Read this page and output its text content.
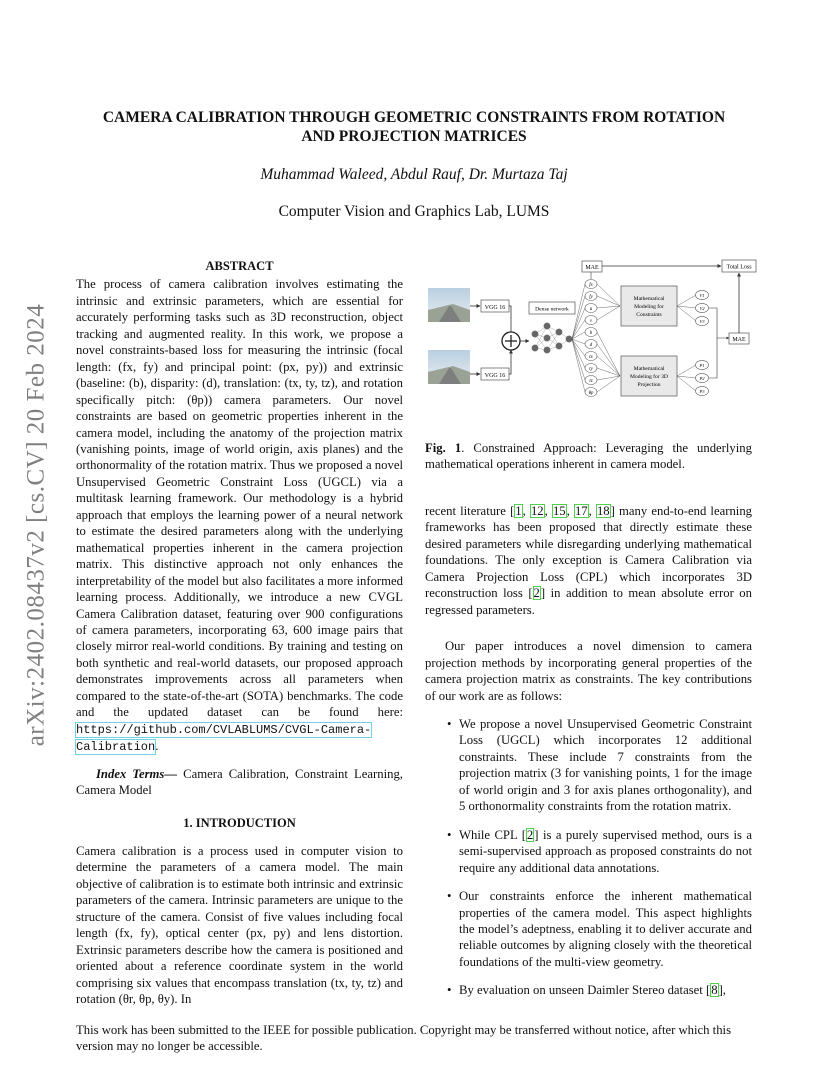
arXiv:2402.08437v2 [cs.CV] 20 Feb 2024
CAMERA CALIBRATION THROUGH GEOMETRIC CONSTRAINTS FROM ROTATION
AND PROJECTION MATRICES
Muhammad Waleed, Abdul Rauf, Dr. Murtaza Taj
Computer Vision and Graphics Lab, LUMS

ABSTRACT

The process of camera calibration involves estimating the intrinsic and extrinsic parameters, which are essential for accurately performing tasks such as 3D reconstruction, object tracking and augmented reality. In this work, we propose a novel constraints-based loss for measuring the intrinsic (focal length: (fx, fy) and principal point: (px, py)) and extrinsic (baseline: (b), disparity: (d), translation: (tx, ty, tz), and rotation specifically pitch: (θp)) camera parameters. Our novel constraints are based on geometric properties inherent in the camera model, including the anatomy of the projection matrix (vanishing points, image of world origin, axis planes) and the orthonormality of the rotation matrix. Thus we proposed a novel Unsupervised Geometric Constraint Loss (UGCL) via a multitask learning framework. Our methodology is a hybrid approach that employs the learning power of a neural network to estimate the desired parameters along with the underlying mathematical properties inherent in the camera projection matrix. This distinctive approach not only enhances the interpretability of the model but also facilitates a more informed learning process. Additionally, we introduce a new CVGL Camera Calibration dataset, featuring over 900 configurations of camera parameters, incorporating 63, 600 image pairs that closely mirror real-world conditions. By training and testing on both synthetic and real-world datasets, our proposed approach demonstrates improvements across all parameters when compared to the state-of-the-art (SOTA) benchmarks. The code and the updated dataset can be found here: https://github.com/CVLABLUMS/CVGL-Camera-Calibration.

Index Terms— Camera Calibration, Constraint Learning, Camera Model

1. INTRODUCTION

Camera calibration is a process used in computer vision to determine the parameters of a camera model. The main objective of calibration is to estimate both intrinsic and extrinsic parameters of the camera. Intrinsic parameters are unique to the structure of the camera. Consist of five values including focal length (fx, fy), optical center (px, py) and lens distortion. Extrinsic parameters describe how the camera is positioned and oriented about a reference coordinate system in the world comprising six values that encompass translation (tx, ty, tz) and rotation (θr, θp, θy). In

VGG 16
VGG 16
Dense network
fx
fy
u
v
b
d
tx
ty
tz
θp
MAE	Total Loss
Mathematical
Modeling for
Constraints
Mathematical
Modeling for 3D
Projection
V1
V2
V3
P1
P2
P3
MAE
Fig. 1. Constrained Approach: Leveraging the underlying mathematical operations inherent in camera model.

recent literature [1, 12, 15, 17, 18] many end-to-end learning frameworks has been proposed that directly estimate these desired parameters while disregarding underlying mathematical foundations. The only exception is Camera Calibration via Camera Projection Loss (CPL) which incorporates 3D reconstruction loss [2] in addition to mean absolute error on regressed parameters.

Our paper introduces a novel dimension to camera projection methods by incorporating general properties of the camera projection matrix as constraints. The key contributions of our work are as follows:

• We propose a novel Unsupervised Geometric Constraint Loss (UGCL) which incorporates 12 additional constraints. These include 7 constraints from the projection matrix (3 for vanishing points, 1 for the image of world origin and 3 for axis planes orthogonality), and 5 orthonormality constraints from the rotation matrix.
• While CPL [2] is a purely supervised method, ours is a semi-supervised approach as proposed constraints do not require any additional data annotations.
• Our constraints enforce the inherent mathematical properties of the camera model. This aspect highlights the model’s adeptness, enabling it to deliver accurate and reliable outcomes by aligning closely with the theoretical foundations of the multi-view geometry.
• By evaluation on unseen Daimler Stereo dataset [8],
This work has been submitted to the IEEE for possible publication. Copyright may be transferred without notice, after which this version may no longer be accessible.
